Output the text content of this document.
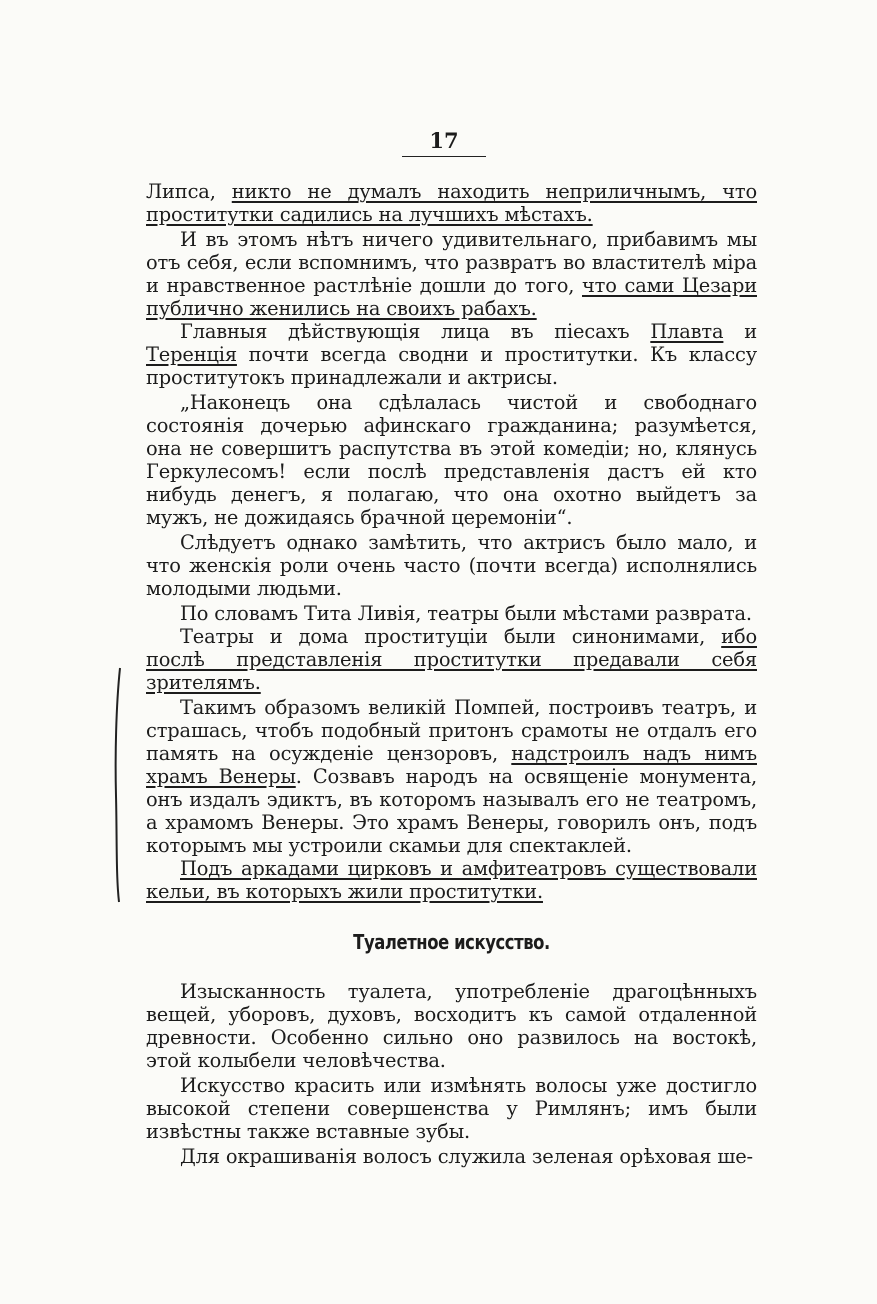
17

Липса, никто не думалъ находить неприличнымъ, что проститутки садились на лучшихъ мѣстахъ.

И въ этомъ нѣтъ ничего удивительнаго, прибавимъ мы отъ себя, если вспомнимъ, что развратъ во властителѣ міра и нравственное растлѣніе дошли до того, что сами Цезари публично женились на своихъ рабахъ.

Главныя дѣйствующія лица въ піесахъ Плавта и Теренція почти всегда сводни и проститутки. Къ классу проститутокъ принадлежали и актрисы.

„Наконецъ она сдѣлалась чистой и свободнаго состоянія дочерью афинскаго гражданина; разумѣется, она не совершитъ распутства въ этой комедіи; но, клянусь Геркулесомъ! если послѣ представленія дастъ ей кто нибудь денегъ, я полагаю, что она охотно выйдетъ за мужъ, не дожидаясь брачной церемоніи“.

Слѣдуетъ однако замѣтить, что актрисъ было мало, и что женскія роли очень часто (почти всегда) исполнялись молодыми людьми.

По словамъ Тита Ливія, театры были мѣстами разврата.

Театры и дома проституціи были синонимами, ибо послѣ представленія проститутки предавали себя зрителямъ.

Такимъ образомъ великій Помпей, построивъ театръ, и страшась, чтобъ подобный притонъ срамоты не отдалъ его память на осужденіе цензоровъ, надстроилъ надъ нимъ храмъ Венеры. Созвавъ народъ на освященіе монумента, онъ издалъ эдиктъ, въ которомъ называлъ его не театромъ, а храмомъ Венеры. Это храмъ Венеры, говорилъ онъ, подъ которымъ мы устроили скамьи для спектаклей.

Подъ аркадами цирковъ и амфитеатровъ существовали кельи, въ которыхъ жили проститутки.

Туалетное искусство.

Изысканность туалета, употребленіе драгоцѣнныхъ вещей, уборовъ, духовъ, восходитъ къ самой отдаленной древности. Особенно сильно оно развилось на востокѣ, этой колыбели человѣчества.

Искусство красить или измѣнять волосы уже достигло высокой степени совершенства у Римлянъ; имъ были извѣстны также вставные зубы.

Для окрашиванія волосъ служила зеленая орѣховая ше-
